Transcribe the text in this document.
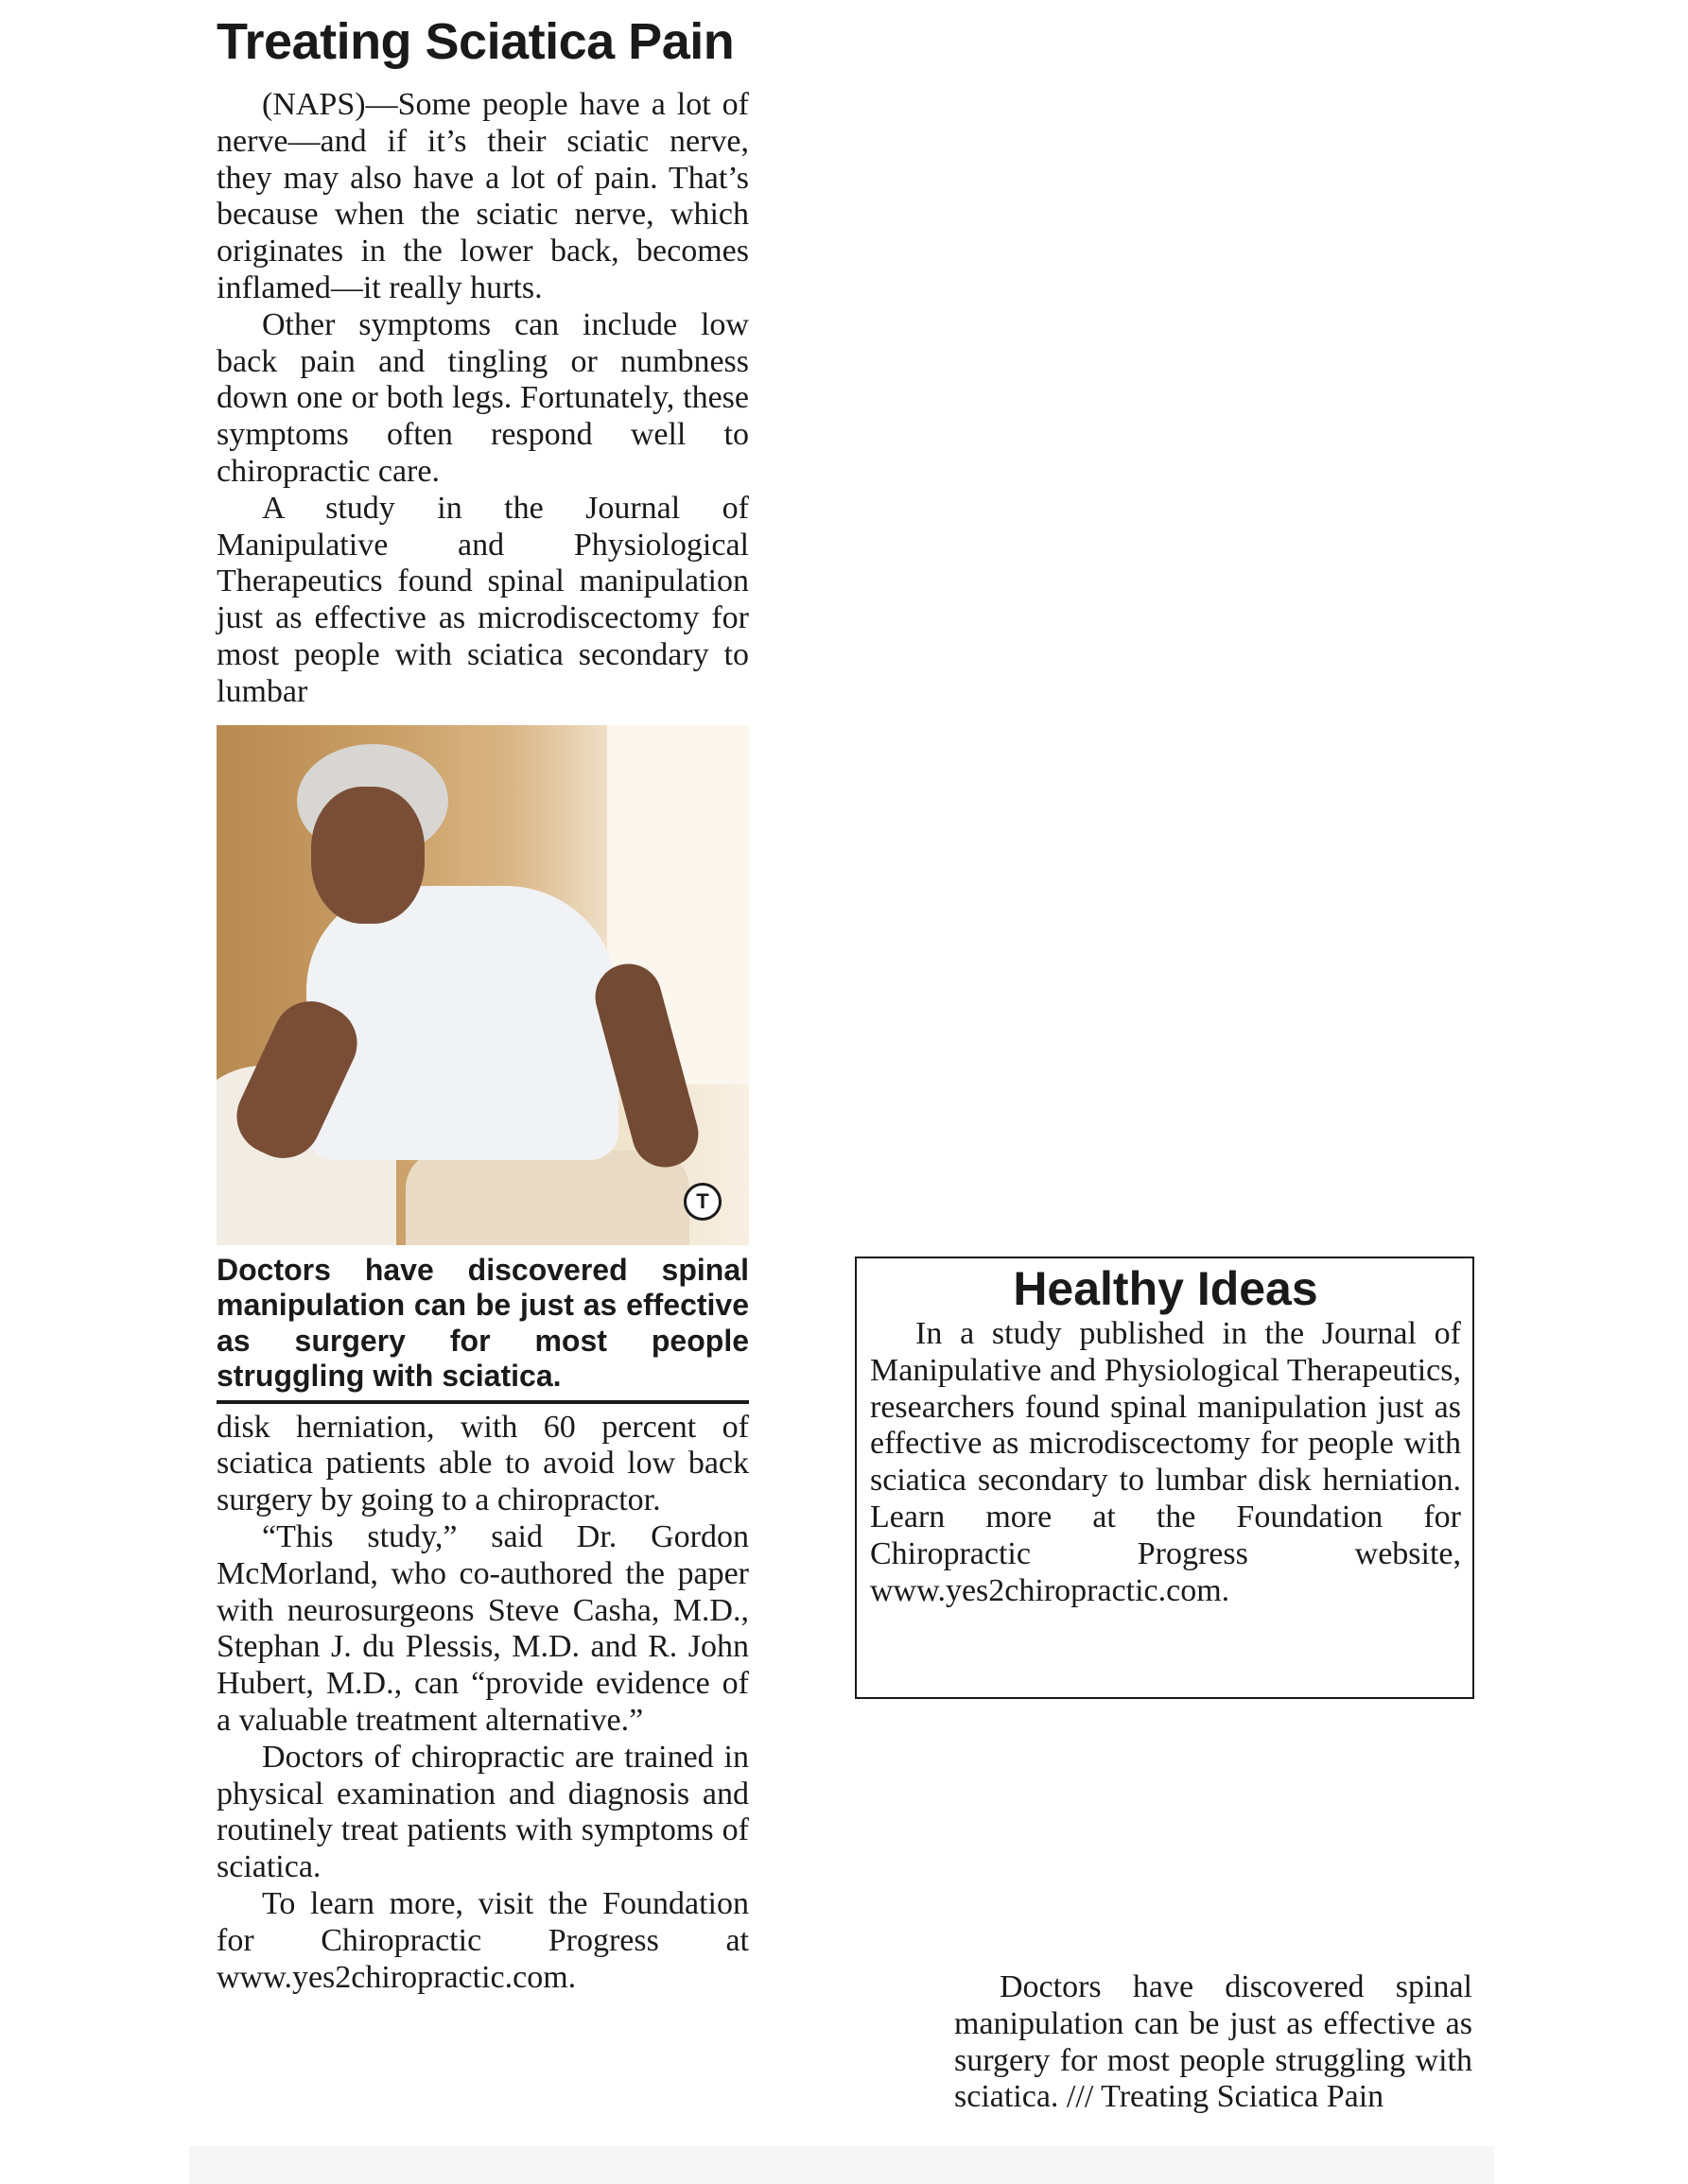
Treating Sciatica Pain

(NAPS)—Some people have a lot of nerve—and if it’s their sciatic nerve, they may also have a lot of pain. That’s because when the sciatic nerve, which originates in the lower back, becomes inflamed—it really hurts.

Other symptoms can include low back pain and tingling or numbness down one or both legs. Fortunately, these symptoms often respond well to chiropractic care.

A study in the Journal of Manipulative and Physiological Therapeutics found spinal manipulation just as effective as microdiscectomy for most people with sciatica secondary to lumbar

T
Doctors have discovered spinal manipulation can be just as effective as surgery for most people struggling with sciatica.

disk herniation, with 60 percent of sciatica patients able to avoid low back surgery by going to a chiropractor.

“This study,” said Dr. Gordon McMorland, who co-authored the paper with neurosurgeons Steve Casha, M.D., Stephan J. du Plessis, M.D. and R. John Hubert, M.D., can “provide evidence of a valuable treatment alternative.”

Doctors of chiropractic are trained in physical examination and diagnosis and routinely treat patients with symptoms of sciatica.

To learn more, visit the Foundation for Chiropractic Progress at www.yes2chiropractic.com.

Healthy Ideas

In a study published in the Journal of Manipulative and Physiological Therapeutics, researchers found spinal manipulation just as effective as microdiscectomy for people with sciatica secondary to lumbar disk herniation. Learn more at the Foundation for Chiropractic Progress website, www.yes2chiropractic.com.

Doctors have discovered spinal manipulation can be just as effective as surgery for most people struggling with sciatica. /// Treating Sciatica Pain
